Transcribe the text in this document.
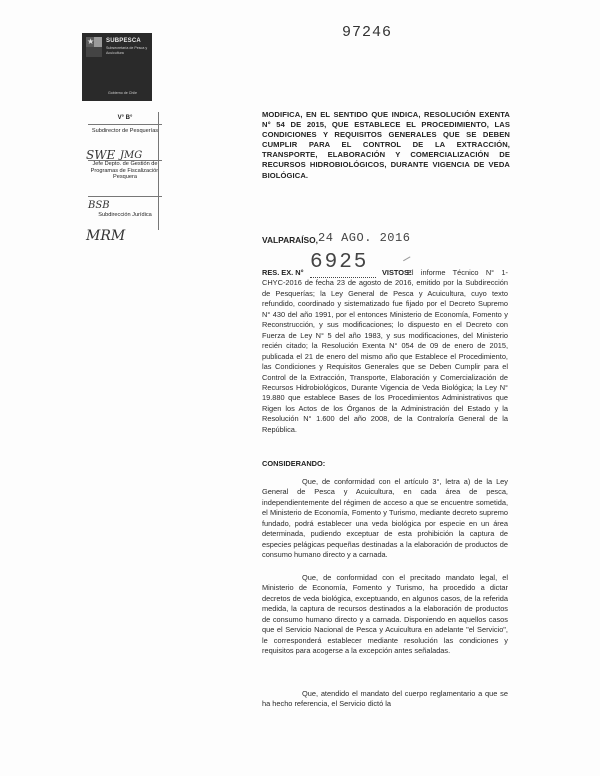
★ SUBPESCA
Subsecretaría de Pesca y Acuicultura
Gobierno de Chile
97246
V° B°
Subdirector de Pesquerías
SWE
Jefe Depto. de Gestión de Programas de Fiscalización Pesquera
BSB
Subdirección Jurídica
JMG
MRM
MODIFICA, EN EL SENTIDO QUE INDICA, RESOLUCIÓN EXENTA N° 54 DE 2015, QUE ESTABLECE EL PROCEDIMIENTO, LAS CONDICIONES Y REQUISITOS GENERALES QUE SE DEBEN CUMPLIR PARA EL CONTROL DE LA EXTRACCIÓN, TRANSPORTE, ELABORACIÓN Y COMERCIALIZACIÓN DE RECURSOS HIDROBIOLÓGICOS, DURANTE VIGENCIA DE VEDA BIOLÓGICA.
VALPARAÍSO, 24 AGO. 2016
RES. EX. N° 6925 VISTOS:
El informe Técnico N° 1-CHYC-2016 de fecha 23 de agosto de 2016, emitido por la Subdirección de Pesquerías; la Ley General de Pesca y Acuicultura, cuyo texto refundido, coordinado y sistematizado fue fijado por el Decreto Supremo N° 430 del año 1991, por el entonces Ministerio de Economía, Fomento y Reconstrucción, y sus modificaciones; lo dispuesto en el Decreto con Fuerza de Ley N° 5 del año 1983, y sus modificaciones, del Ministerio recién citado; la Resolución Exenta N° 054 de 09 de enero de 2015, publicada el 21 de enero del mismo año que Establece el Procedimiento, las Condiciones y Requisitos Generales que se Deben Cumplir para el Control de la Extracción, Transporte, Elaboración y Comercialización de Recursos Hidrobiológicos, Durante Vigencia de Veda Biológica; la Ley N° 19.880 que establece Bases de los Procedimientos Administrativos que Rigen los Actos de los Órganos de la Administración del Estado y la Resolución N° 1.600 del año 2008, de la Contraloría General de la República.
CONSIDERANDO:
Que, de conformidad con el artículo 3°, letra a) de la Ley General de Pesca y Acuicultura, en cada área de pesca, independientemente del régimen de acceso a que se encuentre sometida, el Ministerio de Economía, Fomento y Turismo, mediante decreto supremo fundado, podrá establecer una veda biológica por especie en un área determinada, pudiendo exceptuar de esta prohibición la captura de especies pelágicas pequeñas destinadas a la elaboración de productos de consumo humano directo y a carnada.
Que, de conformidad con el precitado mandato legal, el Ministerio de Economía, Fomento y Turismo, ha procedido a dictar decretos de veda biológica, exceptuando, en algunos casos, de la referida medida, la captura de recursos destinados a la elaboración de productos de consumo humano directo y a carnada. Disponiendo en aquellos casos que el Servicio Nacional de Pesca y Acuicultura en adelante "el Servicio", le corresponderá establecer mediante resolución las condiciones y requisitos para acogerse a la excepción antes señaladas.
Que, atendido el mandato del cuerpo reglamentario a que se ha hecho referencia, el Servicio dictó la
